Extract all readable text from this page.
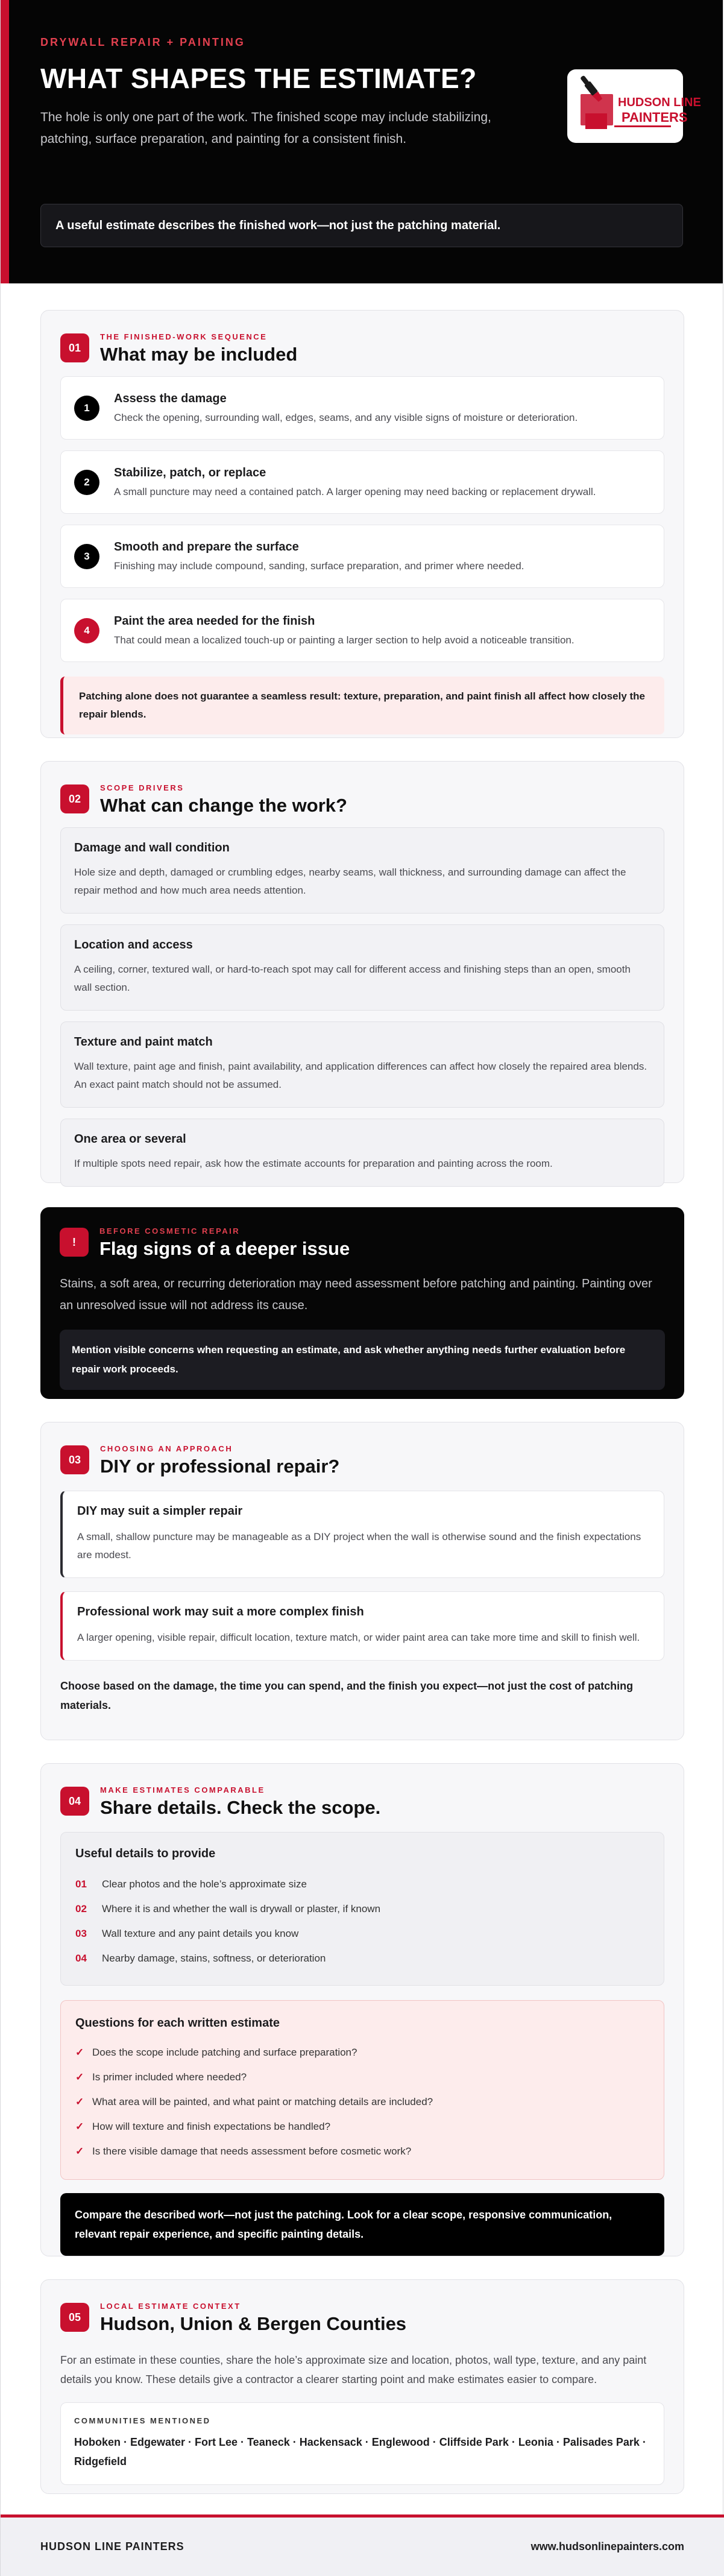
DRYWALL REPAIR + PAINTING
WHAT SHAPES THE ESTIMATE?

The hole is only one part of the work. The finished scope may include stabilizing, patching, surface preparation, and painting for a consistent finish.

HUDSON LINE
PAINTERS
A useful estimate describes the finished work—not just the patching material.
01
THE FINISHED-WORK SEQUENCE
What may be included
1
Assess the damage
Check the opening, surrounding wall, edges, seams, and any visible signs of moisture or deterioration.
2
Stabilize, patch, or replace
A small puncture may need a contained patch. A larger opening may need backing or replacement drywall.
3
Smooth and prepare the surface
Finishing may include compound, sanding, surface preparation, and primer where needed.
4
Paint the area needed for the finish
That could mean a localized touch-up or painting a larger section to help avoid a noticeable transition.
Patching alone does not guarantee a seamless result: texture, preparation, and paint finish all affect how closely the repair blends.
02
SCOPE DRIVERS
What can change the work?
Damage and wall condition
Hole size and depth, damaged or crumbling edges, nearby seams, wall thickness, and surrounding damage can affect the repair method and how much area needs attention.
Location and access
A ceiling, corner, textured wall, or hard-to-reach spot may call for different access and finishing steps than an open, smooth wall section.
Texture and paint match
Wall texture, paint age and finish, paint availability, and application differences can affect how closely the repaired area blends. An exact paint match should not be assumed.
One area or several
If multiple spots need repair, ask how the estimate accounts for preparation and painting across the room.
!
BEFORE COSMETIC REPAIR
Flag signs of a deeper issue

Stains, a soft area, or recurring deterioration may need assessment before patching and painting. Painting over an unresolved issue will not address its cause.

Mention visible concerns when requesting an estimate, and ask whether anything needs further evaluation before repair work proceeds.
03
CHOOSING AN APPROACH
DIY or professional repair?
DIY may suit a simpler repair
A small, shallow puncture may be manageable as a DIY project when the wall is otherwise sound and the finish expectations are modest.
Professional work may suit a more complex finish
A larger opening, visible repair, difficult location, texture match, or wider paint area can take more time and skill to finish well.
Choose based on the damage, the time you can spend, and the finish you expect—not just the cost of patching materials.
04
MAKE ESTIMATES COMPARABLE
Share details. Check the scope.
Useful details to provide
01	Clear photos and the hole’s approximate size
02	Where it is and whether the wall is drywall or plaster, if known
03	Wall texture and any paint details you know
04	Nearby damage, stains, softness, or deterioration
Questions for each written estimate
✓ Does the scope include patching and surface preparation?
✓ Is primer included where needed?
✓ What area will be painted, and what paint or matching details are included?
✓ How will texture and finish expectations be handled?
✓ Is there visible damage that needs assessment before cosmetic work?
Compare the described work—not just the patching. Look for a clear scope, responsive communication, relevant repair experience, and specific painting details.
05
LOCAL ESTIMATE CONTEXT
Hudson, Union & Bergen Counties

For an estimate in these counties, share the hole’s approximate size and location, photos, wall type, texture, and any paint details you know. These details give a contractor a clearer starting point and make estimates easier to compare.

COMMUNITIES MENTIONED
Hoboken · Edgewater · Fort Lee · Teaneck · Hackensack · Englewood · Cliffside Park · Leonia · Palisades Park · Ridgefield
HUDSON LINE PAINTERS	www.hudsonlinepainters.com
